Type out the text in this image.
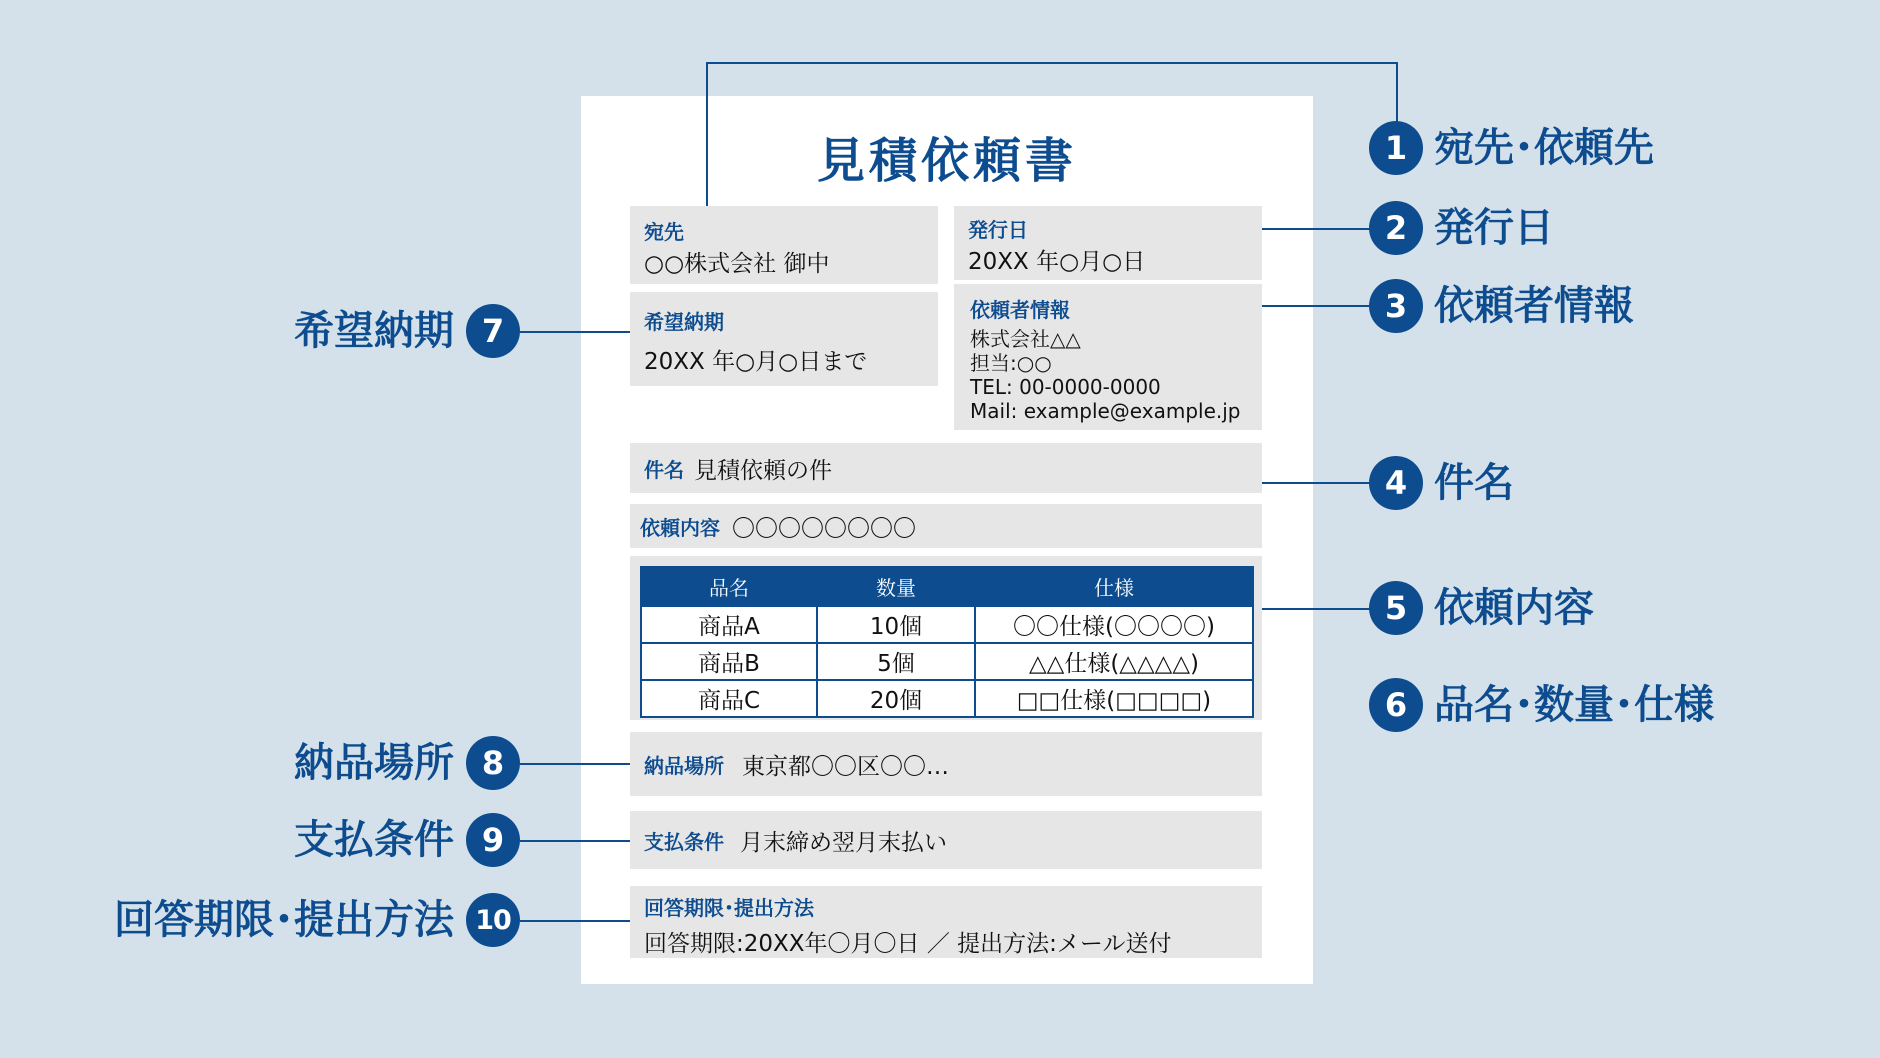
見積依頼書
宛先
○○株式会社 御中
発行日
20XX 年○月○日
希望納期
20XX 年○月○日まで
依頼者情報
株式会社△△
担当:○○
TEL: 00-0000-0000
Mail: example@example.jp
件名 見積依頼の件
依頼内容 〇〇〇〇〇〇〇〇
品名	数量	仕様
商品A	10個	〇〇仕様(〇〇〇〇)
商品B	5個	△△仕様(△△△△)
商品C	20個	□□仕様(□□□□)
納品場所 東京都〇〇区〇〇…
支払条件 月末締め翌月末払い
回答期限･提出方法
回答期限:20XX年〇月〇日 ／ 提出方法:メール送付
1 宛先･依頼先
2 発行日
3 依頼者情報
4 件名
5 依頼内容
6 品名･数量･仕様
希望納期 7
納品場所 8
支払条件 9
回答期限･提出方法 10
